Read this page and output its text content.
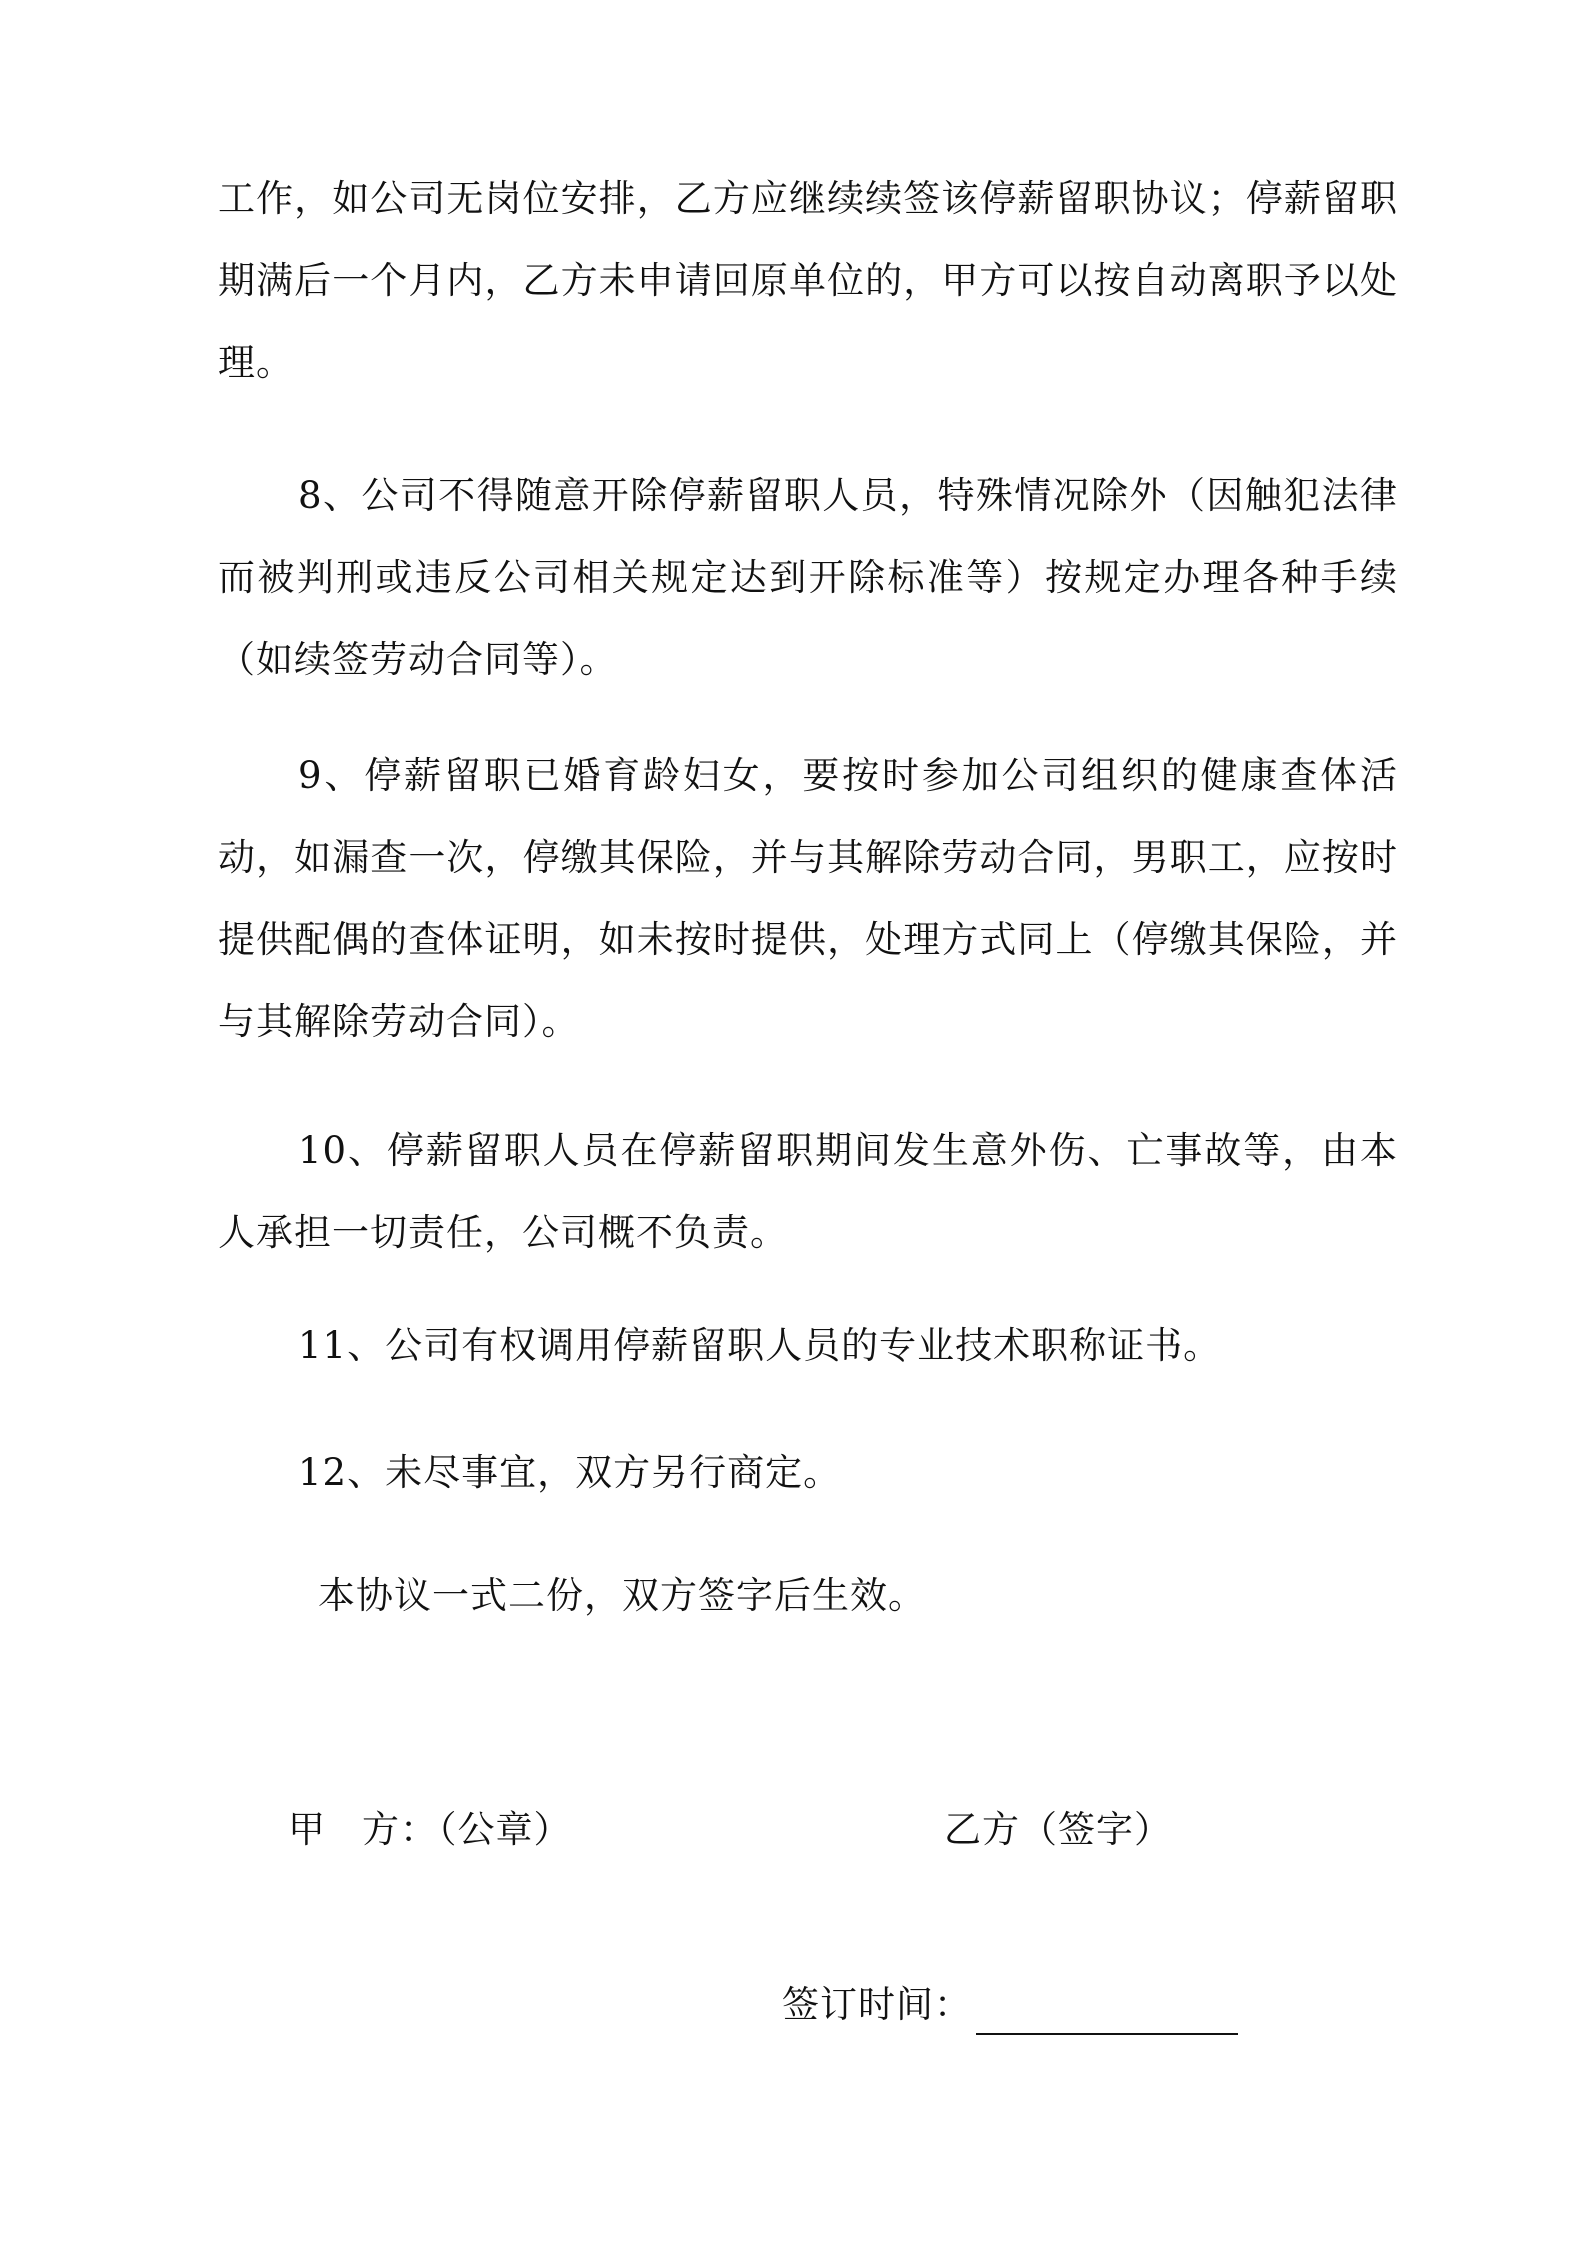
工作，如公司无岗位安排，乙方应继续续签该停薪留职协议；停薪留职期满后一个月内，乙方未申请回原单位的，甲方可以按自动离职予以处理。

8、公司不得随意开除停薪留职人员，特殊情况除外（因触犯法律而被判刑或违反公司相关规定达到开除标准等）按规定办理各种手续（如续签劳动合同等）。

9、停薪留职已婚育龄妇女，要按时参加公司组织的健康查体活动，如漏查一次，停缴其保险，并与其解除劳动合同，男职工，应按时提供配偶的查体证明，如未按时提供，处理方式同上（停缴其保险，并与其解除劳动合同）。

10、停薪留职人员在停薪留职期间发生意外伤、亡事故等，由本人承担一切责任，公司概不负责。

11、公司有权调用停薪留职人员的专业技术职称证书。

12、未尽事宜，双方另行商定。

本协议一式二份，双方签字后生效。

甲 方：（公章）	乙方（签字）
签订时间：
